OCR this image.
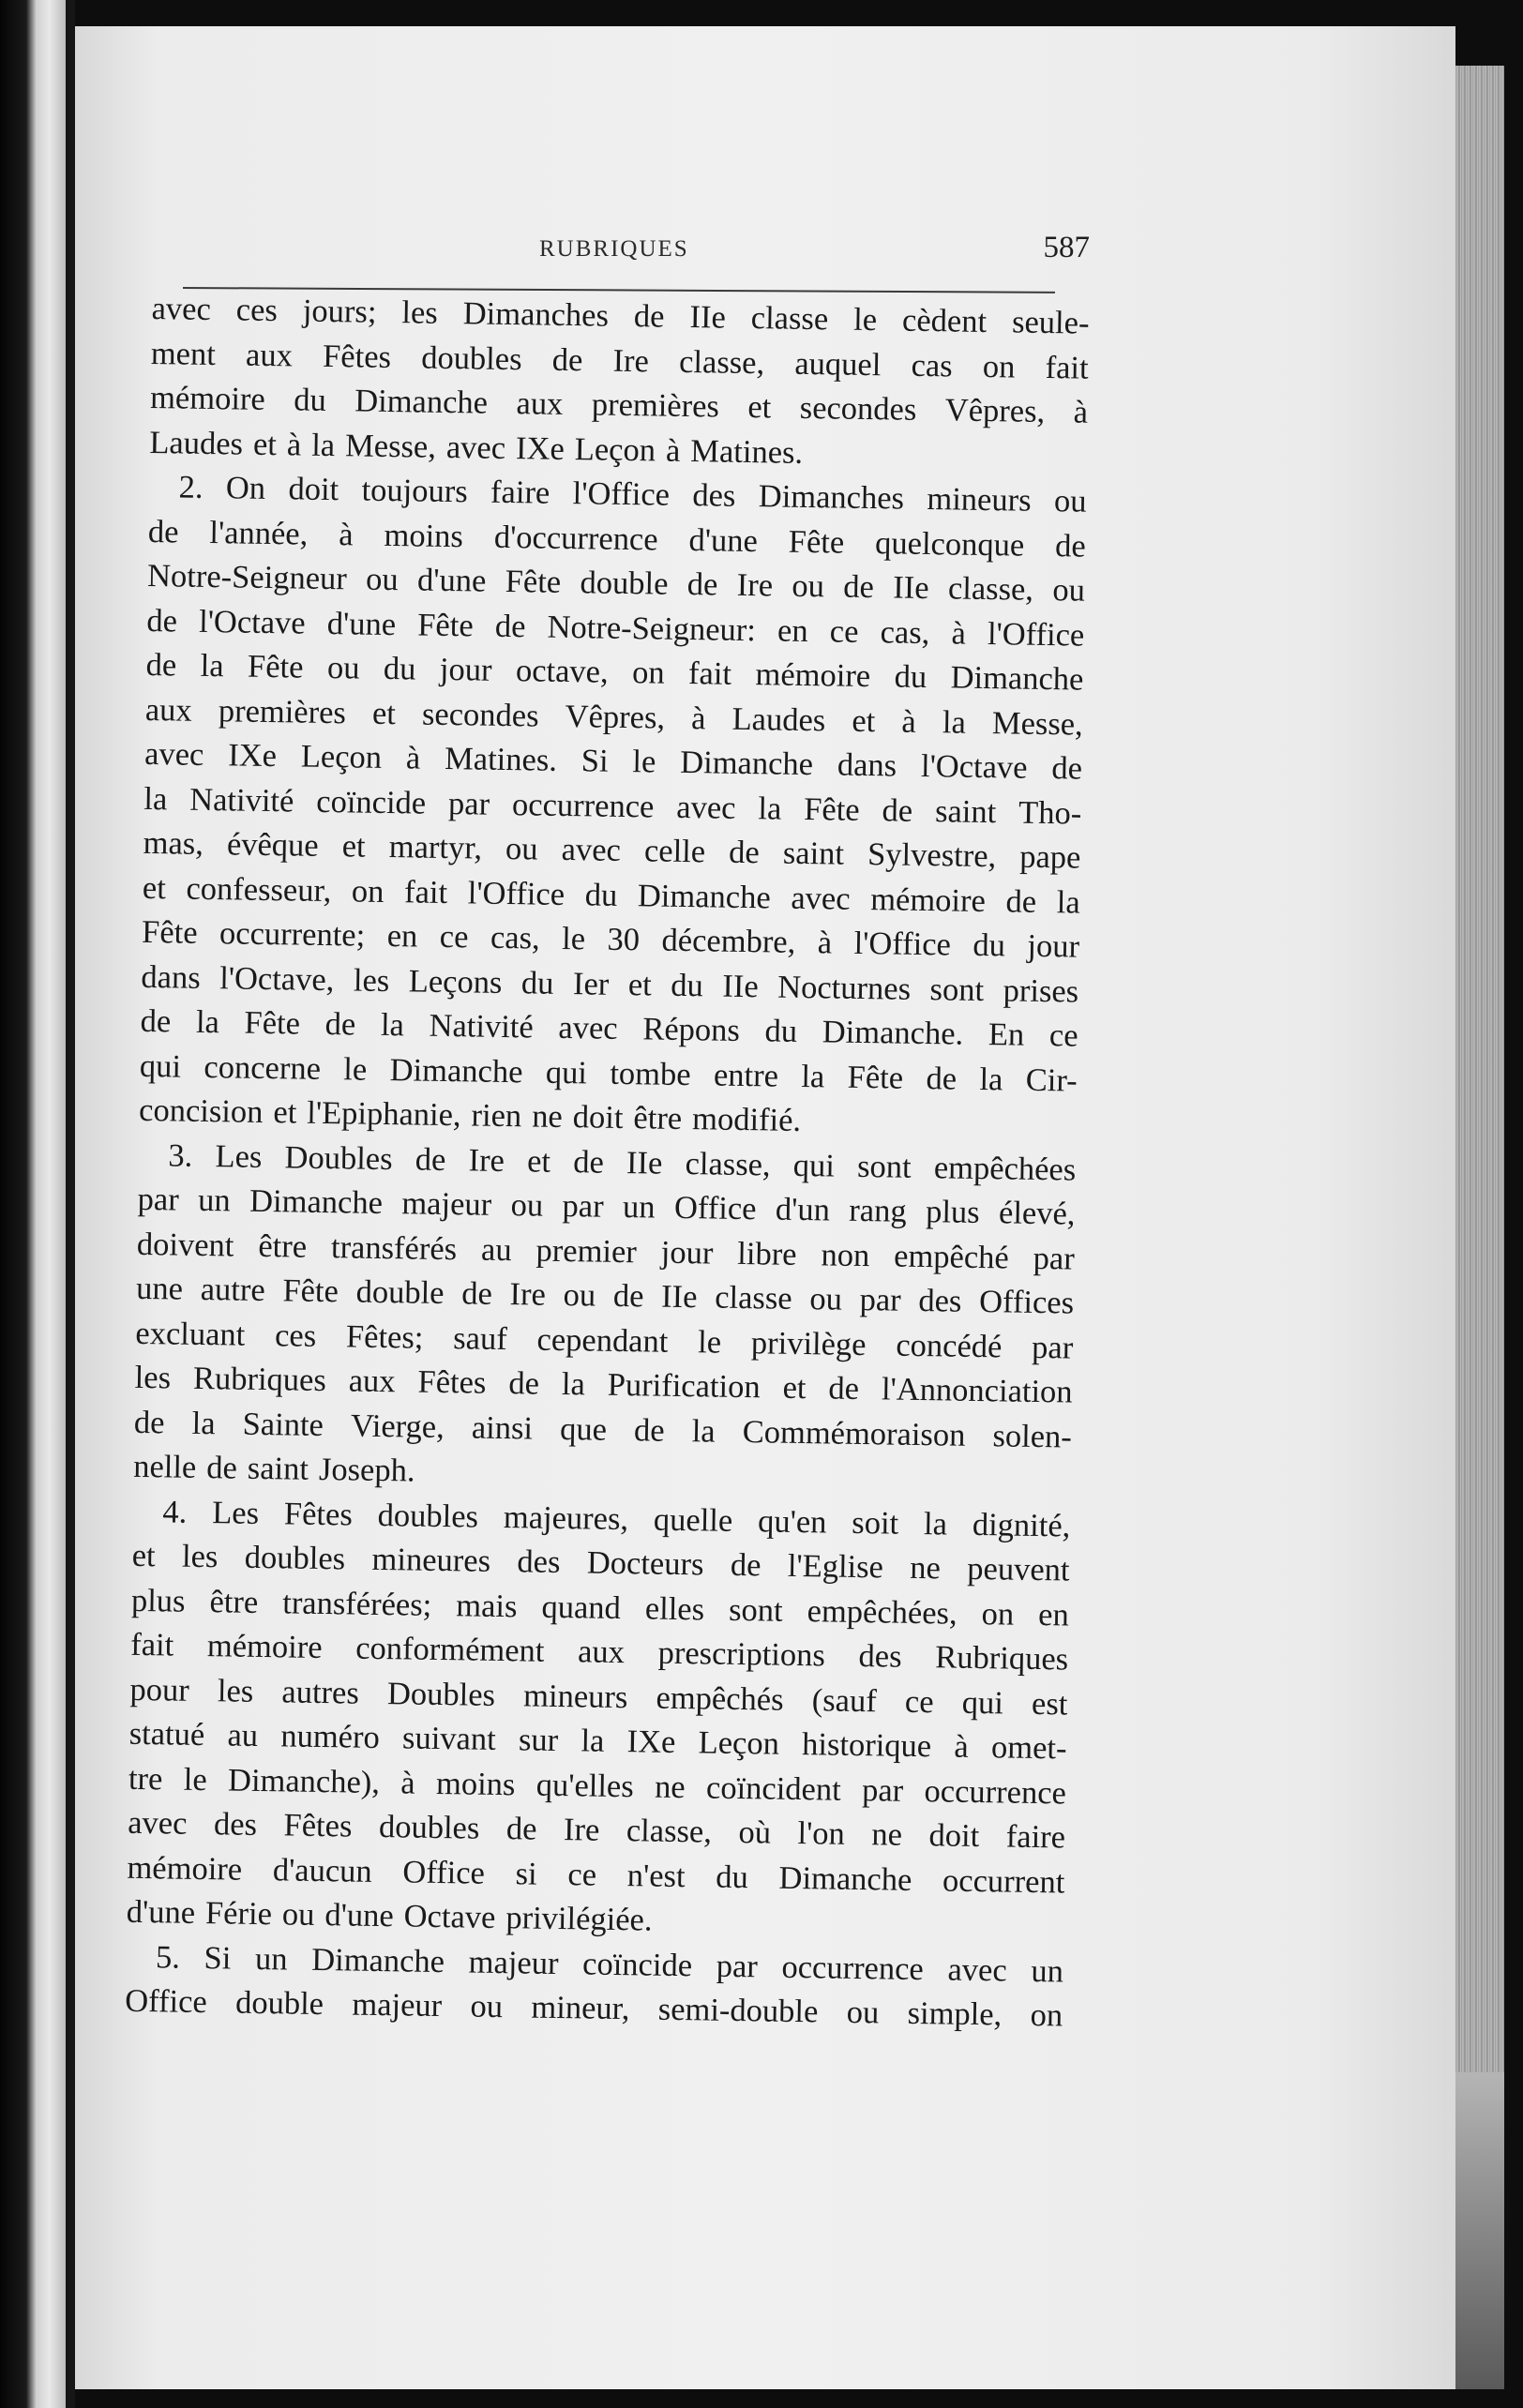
RUBRIQUES	587
avec ces jours; les Dimanches de IIe classe le cèdent seule-
ment aux Fêtes doubles de Ire classe, auquel cas on fait
mémoire du Dimanche aux premières et secondes Vêpres, à
Laudes et à la Messe, avec IXe Leçon à Matines.
2. On doit toujours faire l'Office des Dimanches mineurs ou
de l'année, à moins d'occurrence d'une Fête quelconque de
Notre-Seigneur ou d'une Fête double de Ire ou de IIe classe, ou
de l'Octave d'une Fête de Notre-Seigneur: en ce cas, à l'Office
de la Fête ou du jour octave, on fait mémoire du Dimanche
aux premières et secondes Vêpres, à Laudes et à la Messe,
avec IXe Leçon à Matines. Si le Dimanche dans l'Octave de
la Nativité coïncide par occurrence avec la Fête de saint Tho-
mas, évêque et martyr, ou avec celle de saint Sylvestre, pape
et confesseur, on fait l'Office du Dimanche avec mémoire de la
Fête occurrente; en ce cas, le 30 décembre, à l'Office du jour
dans l'Octave, les Leçons du Ier et du IIe Nocturnes sont prises
de la Fête de la Nativité avec Répons du Dimanche. En ce
qui concerne le Dimanche qui tombe entre la Fête de la Cir-
concision et l'Epiphanie, rien ne doit être modifié.
3. Les Doubles de Ire et de IIe classe, qui sont empêchées
par un Dimanche majeur ou par un Office d'un rang plus élevé,
doivent être transférés au premier jour libre non empêché par
une autre Fête double de Ire ou de IIe classe ou par des Offices
excluant ces Fêtes; sauf cependant le privilège concédé par
les Rubriques aux Fêtes de la Purification et de l'Annonciation
de la Sainte Vierge, ainsi que de la Commémoraison solen-
nelle de saint Joseph.
4. Les Fêtes doubles majeures, quelle qu'en soit la dignité,
et les doubles mineures des Docteurs de l'Eglise ne peuvent
plus être transférées; mais quand elles sont empêchées, on en
fait mémoire conformément aux prescriptions des Rubriques
pour les autres Doubles mineurs empêchés (sauf ce qui est
statué au numéro suivant sur la IXe Leçon historique à omet-
tre le Dimanche), à moins qu'elles ne coïncident par occurrence
avec des Fêtes doubles de Ire classe, où l'on ne doit faire
mémoire d'aucun Office si ce n'est du Dimanche occurrent
d'une Férie ou d'une Octave privilégiée.
5. Si un Dimanche majeur coïncide par occurrence avec un
Office double majeur ou mineur, semi-double ou simple, on
